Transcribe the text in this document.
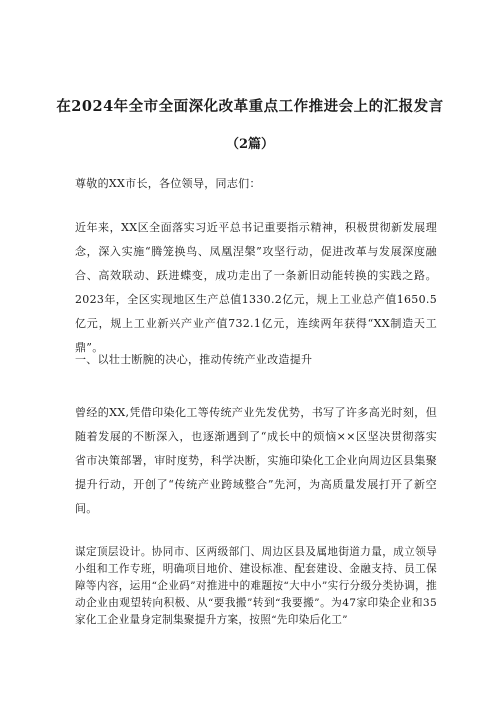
在2024年全市全面深化改革重点工作推进会上的汇报发言
（2篇）
尊敬的XX市长，各位领导，同志们：
近年来，XX区全面落实习近平总书记重要指示精神，积极贯彻新发展理念，深入实施“腾笼换鸟、凤凰涅槃”攻坚行动，促进改革与发展深度融合、高效联动、跃进蝶变，成功走出了一条新旧动能转换的实践之路。2023年，全区实现地区生产总值1330.2亿元，规上工业总产值1650.5亿元，规上工业新兴产业产值732.1亿元，连续两年获得“XX制造天工鼎”。
一、以壮士断腕的决心，推动传统产业改造提升
曾经的XX,凭借印染化工等传统产业先发优势，书写了许多高光时刻，但随着发展的不断深入，也逐渐遇到了“成长中的烦恼××区坚决贯彻落实省市决策部署，审时度势，科学决断，实施印染化工企业向周边区县集聚提升行动，开创了“传统产业跨域整合”先河，为高质量发展打开了新空间。
谋定顶层设计。协同市、区两级部门、周边区县及属地街道力量，成立领导小组和工作专班，明确项目地价、建设标准、配套建设、金融支持、员工保障等内容，运用“企业码”对推进中的难题按“大中小”实行分级分类协调，推动企业由观望转向积极、从“要我搬”转到“我要搬”。为47家印染企业和35家化工企业量身定制集聚提升方案，按照“先印染后化工”
